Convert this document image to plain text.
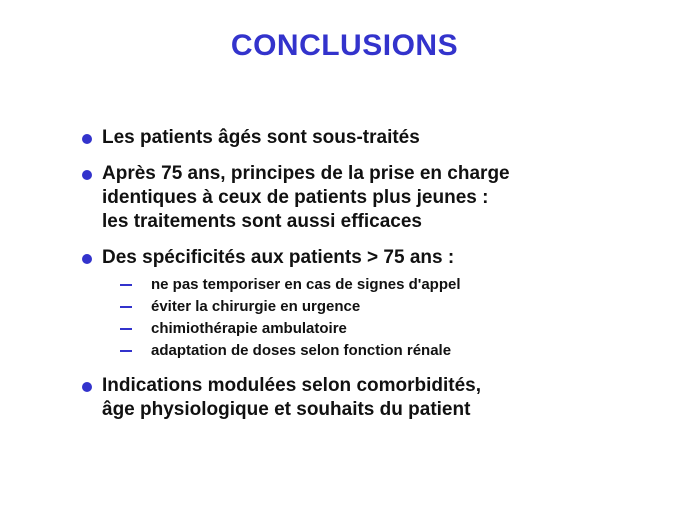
CONCLUSIONS
Les patients âgés sont sous-traités
Après 75 ans, principes de la prise en charge
identiques à ceux de patients plus jeunes :
les traitements sont aussi efficaces
Des spécificités aux patients > 75 ans :
ne pas temporiser en cas de signes d'appel
éviter la chirurgie en urgence
chimiothérapie ambulatoire
adaptation de doses selon fonction rénale
Indications modulées selon comorbidités,
âge physiologique et souhaits du patient
